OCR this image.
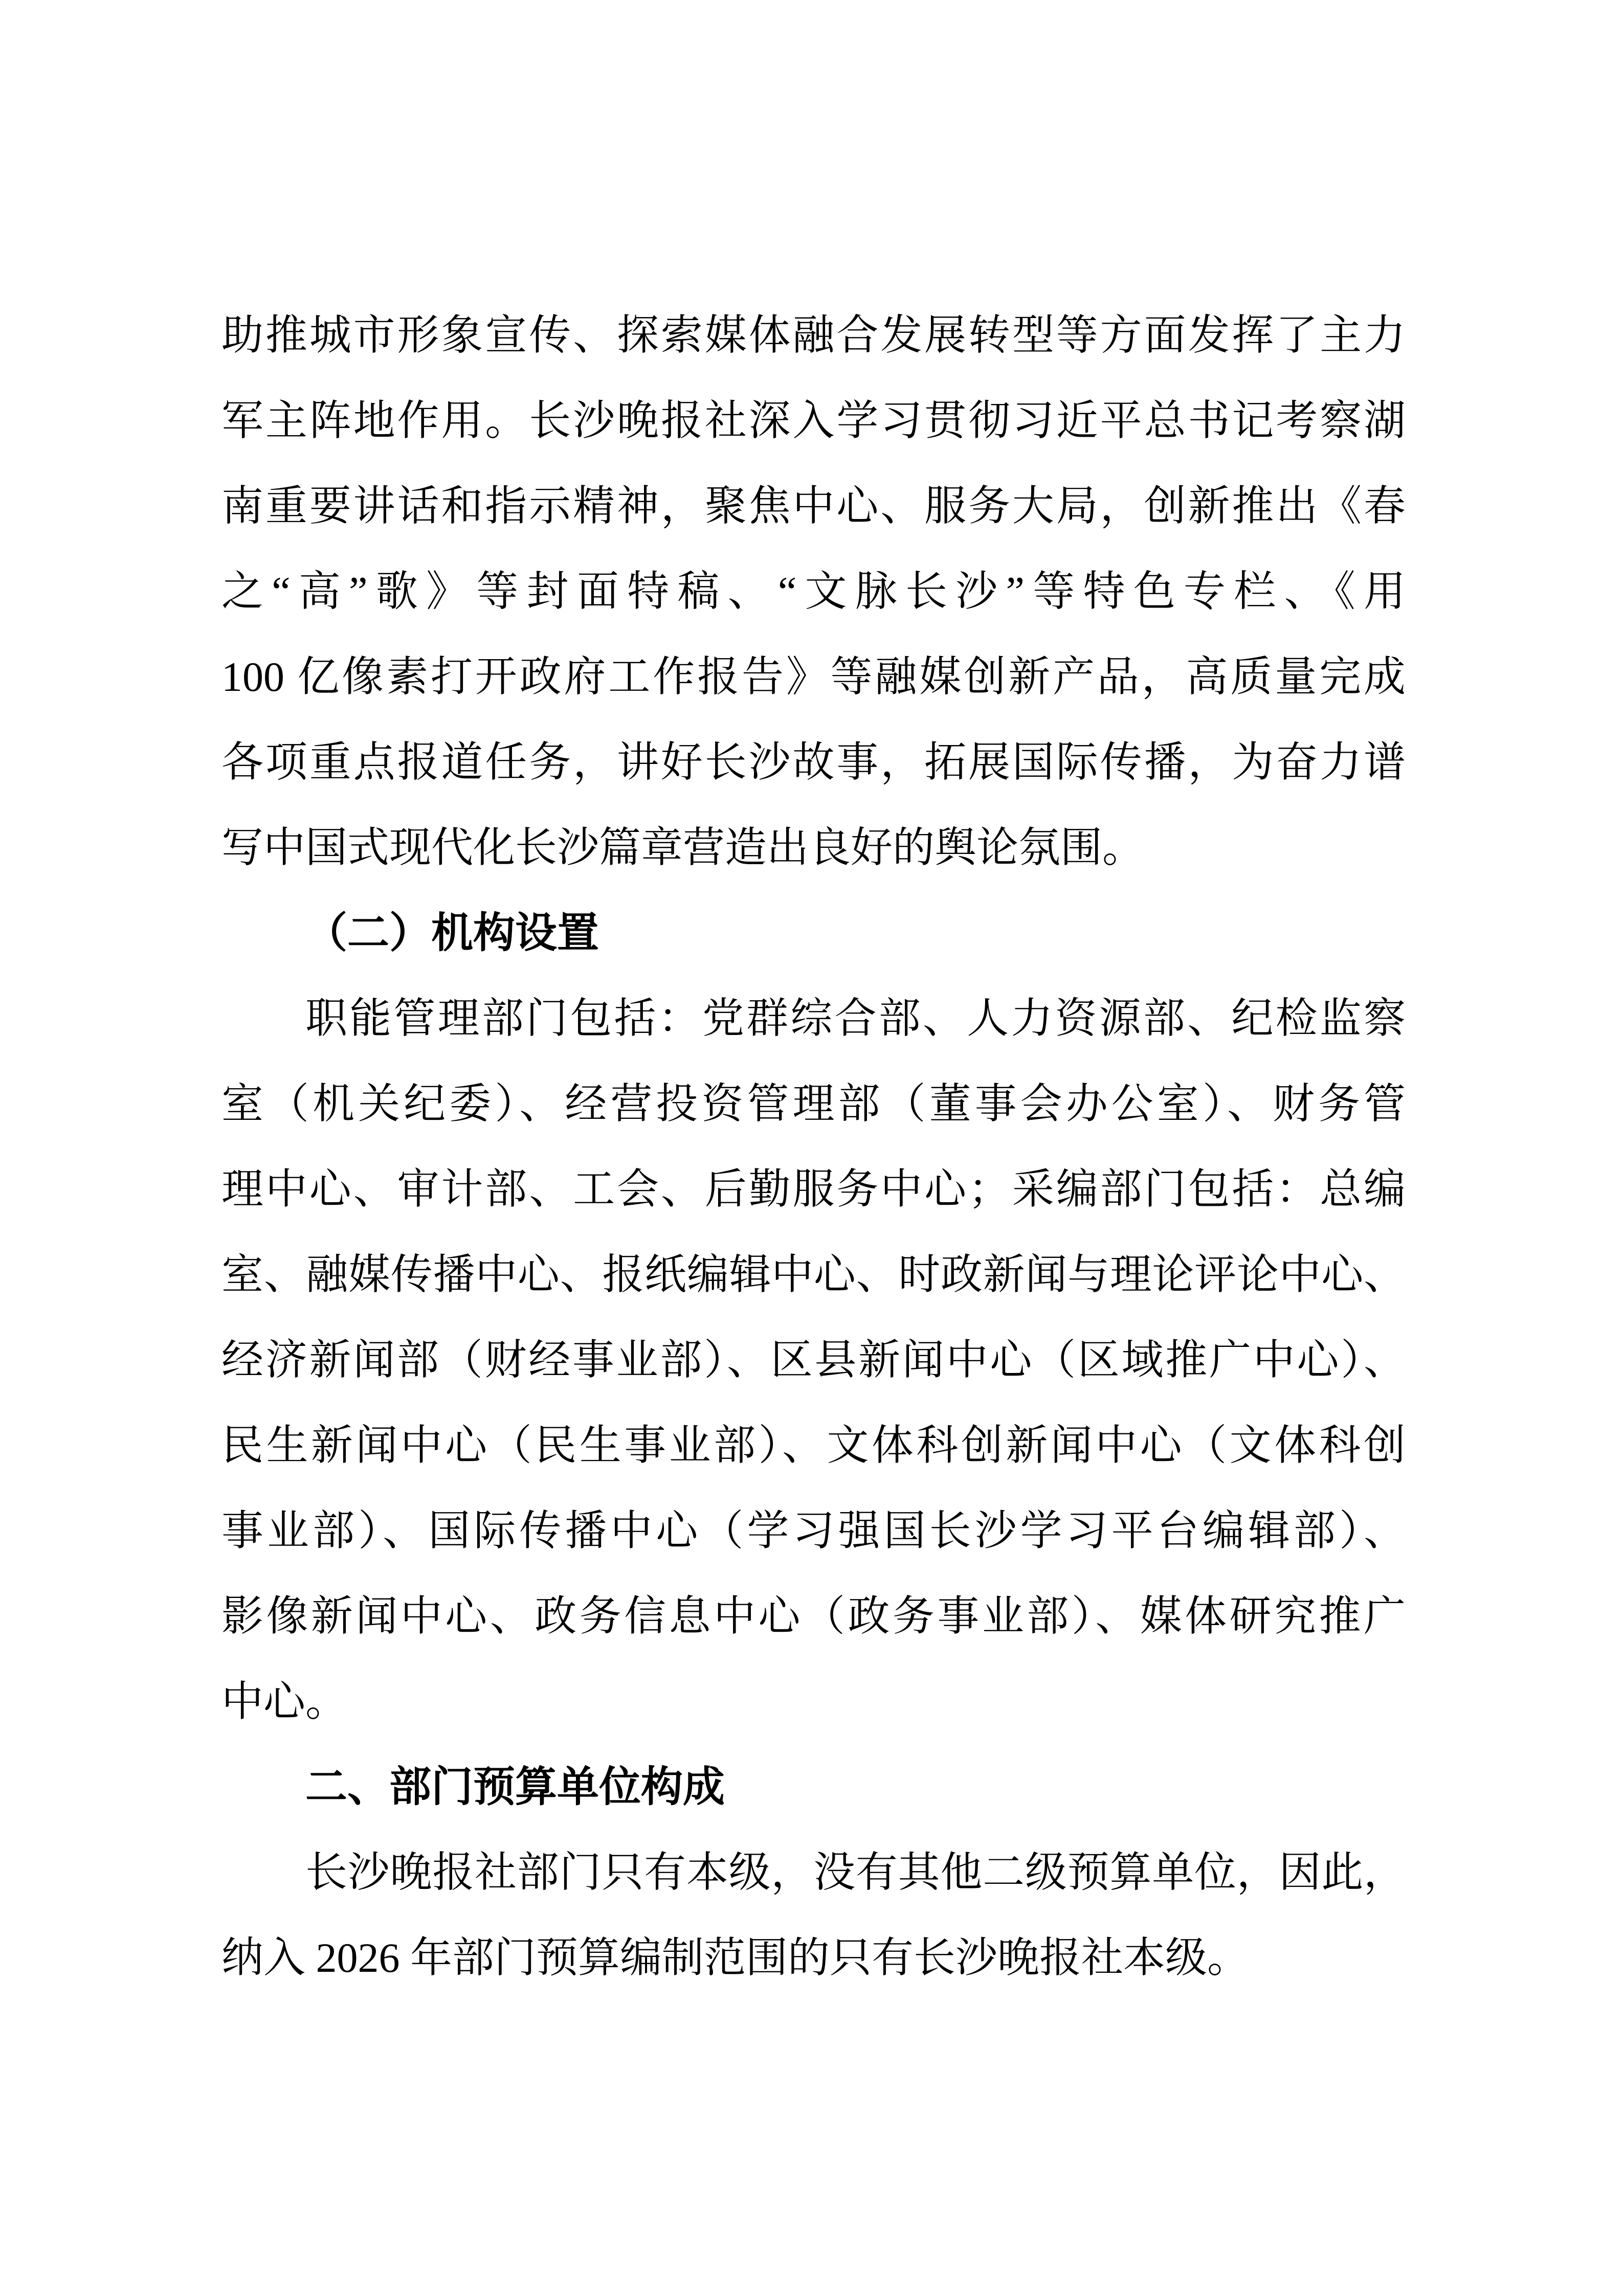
助推城市形象宣传、探索媒体融合发展转型等方面发挥了主力
军主阵地作用。长沙晚报社深入学习贯彻习近平总书记考察湖
南重要讲话和指示精神，聚焦中心、服务大局，创新推出《春
之“高”歌》等封面特稿、“文脉长沙”等特色专栏、《用
100 亿像素打开政府工作报告》等融媒创新产品，高质量完成
各项重点报道任务，讲好长沙故事，拓展国际传播，为奋力谱
写中国式现代化长沙篇章营造出良好的舆论氛围。
（二）机构设置
职能管理部门包括：党群综合部、人力资源部、纪检监察
室（机关纪委）、经营投资管理部（董事会办公室）、财务管
理中心、审计部、工会、后勤服务中心；采编部门包括：总编
室、融媒传播中心、报纸编辑中心、时政新闻与理论评论中心、
经济新闻部（财经事业部）、区县新闻中心（区域推广中心）、
民生新闻中心（民生事业部）、文体科创新闻中心（文体科创
事业部）、国际传播中心（学习强国长沙学习平台编辑部）、
影像新闻中心、政务信息中心（政务事业部）、媒体研究推广
中心。
二、部门预算单位构成
长沙晚报社部门只有本级，没有其他二级预算单位，因此，
纳入 2026 年部门预算编制范围的只有长沙晚报社本级。
